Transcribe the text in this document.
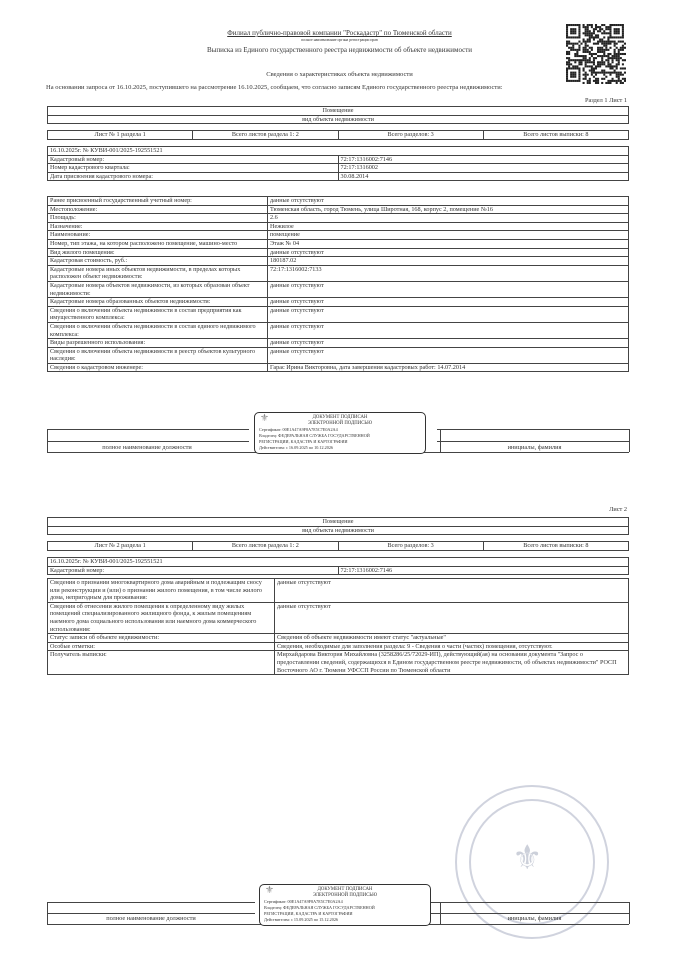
Филиал публично-правовой компании "Роскадастр" по Тюменской области
полное наименование органа регистрации прав
Выписка из Единого государственного реестра недвижимости об объекте недвижимости
Сведения о характеристиках объекта недвижимости
На основании запроса от 16.10.2025, поступившего на рассмотрение 16.10.2025, сообщаем, что согласно записям Единого государственного реестра недвижимости:
Раздел 1 Лист 1
Помещение
вид объекта недвижимости
Лист № 1 раздела 1	Всего листов раздела 1: 2	Всего разделов: 3	Всего листов выписки: 8
16.10.2025г. № КУВИ-001/2025-192551521	
Кадастровый номер:	72:17:1316002:7146
Номер кадастрового квартала:	72:17:1316002
Дата присвоения кадастрового номера:	30.08.2014
Ранее присвоенный государственный учетный номер:	данные отсутствуют
Местоположение:	Тюменская область, город Тюмень, улица Широтная, 168, корпус 2, помещение №16
Площадь:	2.6
Назначение:	Нежилое
Наименование:	помещение
Номер, тип этажа, на котором расположено помещение, машино-место	Этаж № 04
Вид жилого помещения:	данные отсутствуют
Кадастровая стоимость, руб.:	180187.02
Кадастровые номера иных объектов недвижимости, в пределах которых расположен объект недвижимости:	72:17:1316002:7133
Кадастровые номера объектов недвижимости, из которых образован объект недвижимости:	данные отсутствуют
Кадастровые номера образованных объектов недвижимости:	данные отсутствуют
Сведения о включении объекта недвижимости в состав предприятия как имущественного комплекса:	данные отсутствуют
Сведения о включении объекта недвижимости в состав единого недвижимого комплекса:	данные отсутствуют
Виды разрешенного использования:	данные отсутствуют
Сведения о включении объекта недвижимости в реестр объектов культурного наследия:	данные отсутствуют
Сведения о кадастровом инженере:	Гарас Ирина Викторовна, дата завершения кадастровых работ: 14.07.2014
полное наименование должности	инициалы, фамилия
⚜	ДОКУМЕНТ ПОДПИСАН
ЭЛЕКТРОННОЙ ПОДПИСЬЮ
Сертификат: 00E1A47A9F8A7E5C7E0A2A4
Владелец: ФЕДЕРАЛЬНАЯ СЛУЖБА ГОСУДАРСТВЕННОЙ
РЕГИСТРАЦИИ, КАДАСТРА И КАРТОГРАФИИ
Действителен: с 16.09.2025 по 10.12.2026
Лист 2
Помещение
вид объекта недвижимости
Лист № 2 раздела 1	Всего листов раздела 1: 2	Всего разделов: 3	Всего листов выписки: 8
16.10.2025г. № КУВИ-001/2025-192551521
Кадастровый номер:	72:17:1316002:7146
Сведения о признании многоквартирного дома аварийным и подлежащим сносу или реконструкции и (или) о признании жилого помещения, в том числе жилого дома, непригодным для проживания:	данные отсутствуют
Сведения об отнесении жилого помещения к определенному виду жилых помещений специализированного жилищного фонда, к жилым помещениям наемного дома социального использования или наемного дома коммерческого использования:	данные отсутствуют
Статус записи об объекте недвижимости:	Сведения об объекте недвижимости имеют статус "актуальные"
Особые отметки:	Сведения, необходимые для заполнения раздела: 9 - Сведения о части (частях) помещения, отсутствуют.
Получатель выписки:	Мирхайдарова Виктория Михайловна (3258286/25/72029-ИП), действующий(ая) на основании документа "Запрос о предоставлении сведений, содержащихся в Едином государственном реестре недвижимости, об объектах недвижимости" РОСП Восточного АО г. Тюмени УФССП России по Тюменской области
⚜
полное наименование должности	инициалы, фамилия
⚜	ДОКУМЕНТ ПОДПИСАН
ЭЛЕКТРОННОЙ ПОДПИСЬЮ
Сертификат: 00E1A47A9F8A7E5C7E0A2A4
Владелец: ФЕДЕРАЛЬНАЯ СЛУЖБА ГОСУДАРСТВЕННОЙ
РЕГИСТРАЦИИ, КАДАСТРА И КАРТОГРАФИИ
Действителен: с 15.09.2025 по 15.12.2026
